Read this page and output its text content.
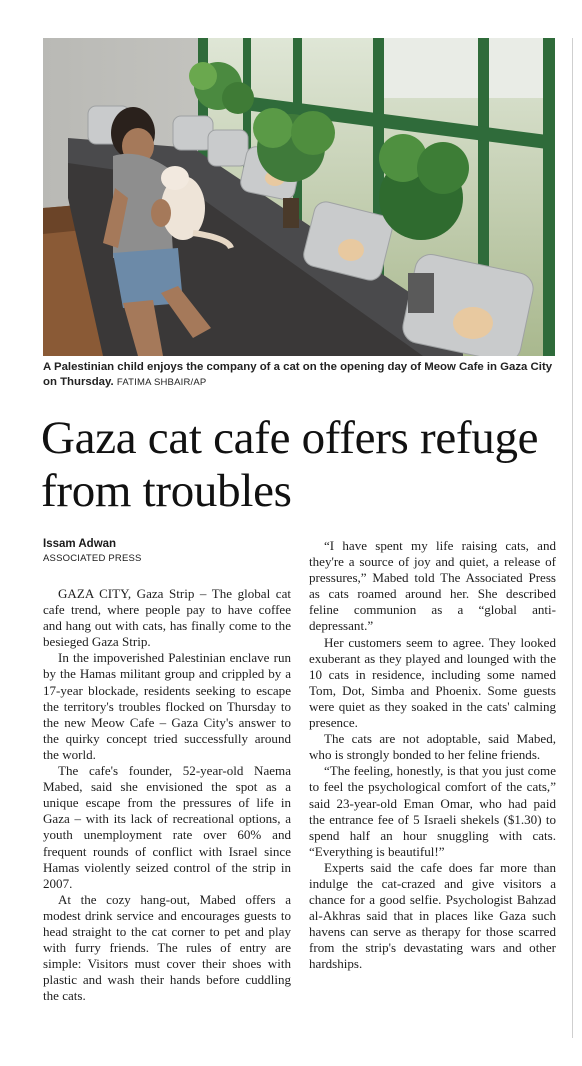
A Palestinian child enjoys the company of a cat on the opening day of Meow Cafe in Gaza City on Thursday. FATIMA SHBAIR/AP
Gaza cat cafe offers refuge from troubles
Issam Adwan
ASSOCIATED PRESS

GAZA CITY, Gaza Strip – The global cat cafe trend, where people pay to have coffee and hang out with cats, has finally come to the besieged Gaza Strip.

In the impoverished Palestinian enclave run by the Hamas militant group and crippled by a 17-year blockade, residents seeking to escape the territory's troubles flocked on Thursday to the new Meow Cafe – Gaza City's answer to the quirky concept tried successfully around the world.

The cafe's founder, 52-year-old Naema Mabed, said she envisioned the spot as a unique escape from the pressures of life in Gaza – with its lack of recreational options, a youth unemployment rate over 60% and frequent rounds of conflict with Israel since Hamas violently seized control of the strip in 2007.

At the cozy hang-out, Mabed offers a modest drink service and encourages guests to head straight to the cat corner to pet and play with furry friends. The rules of entry are simple: Visitors must cover their shoes with plastic and wash their hands before cuddling the cats.

“I have spent my life raising cats, and they're a source of joy and quiet, a release of pressures,” Mabed told The Associated Press as cats roamed around her. She described feline communion as a “global anti-depressant.”

Her customers seem to agree. They looked exuberant as they played and lounged with the 10 cats in residence, including some named Tom, Dot, Simba and Phoenix. Some guests were quiet as they soaked in the cats' calming presence.

The cats are not adoptable, said Mabed, who is strongly bonded to her feline friends.

“The feeling, honestly, is that you just come to feel the psychological comfort of the cats,” said 23-year-old Eman Omar, who had paid the entrance fee of 5 Israeli shekels ($1.30) to spend half an hour snuggling with cats. “Everything is beautiful!”

Experts said the cafe does far more than indulge the cat-crazed and give visitors a chance for a good selfie. Psychologist Bahzad al-Akhras said that in places like Gaza such havens can serve as therapy for those scarred from the strip's devastating wars and other hardships.
